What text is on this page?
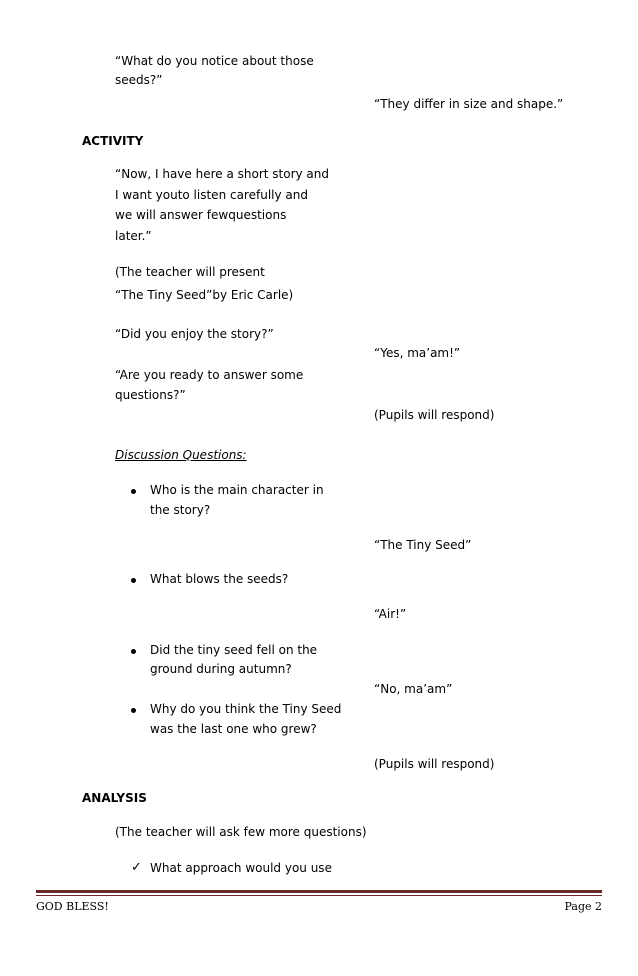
“What do you notice about those
seeds?”
ACTIVITY
“Now, I have here a short story and
I want youto listen carefully and
we will answer fewquestions
later.”
(The teacher will present
“The Tiny Seed”by Eric Carle)
“Did you enjoy the story?”
“Are you ready to answer some
questions?”
Discussion Questions:
Who is the main character in
the story?
What blows the seeds?
Did the tiny seed fell on the
ground during autumn?
Why do you think the Tiny Seed
was the last one who grew?
ANALYSIS
(The teacher will ask few more questions)
✓ What approach would you use
“They differ in size and shape.”
“Yes, ma’am!”
(Pupils will respond)
“The Tiny Seed”
“Air!”
“No, ma’am”
(Pupils will respond)
GOD BLESS!	Page 2
